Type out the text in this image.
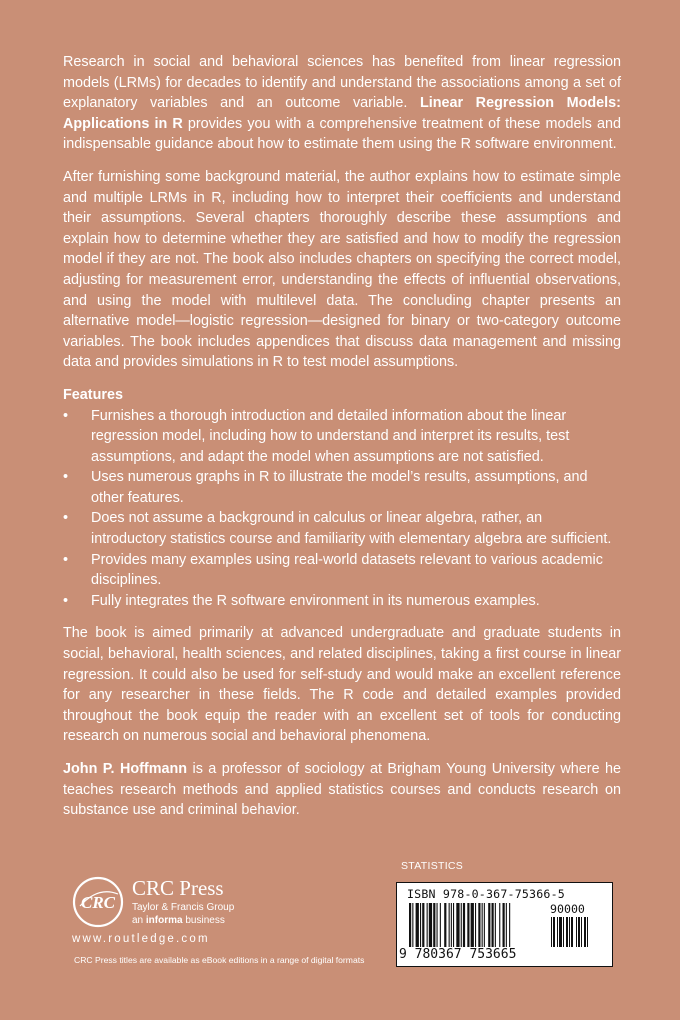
Research in social and behavioral sciences has benefited from linear regression models (LRMs) for decades to identify and understand the associations among a set of explanatory variables and an outcome variable. Linear Regression Models: Applications in R provides you with a comprehensive treatment of these models and indispensable guidance about how to estimate them using the R software environment.

After furnishing some background material, the author explains how to estimate simple and multiple LRMs in R, including how to interpret their coefficients and understand their assumptions. Several chapters thoroughly describe these assumptions and explain how to determine whether they are satisfied and how to modify the regression model if they are not. The book also includes chapters on specifying the correct model, adjusting for measurement error, understanding the effects of influential observations, and using the model with multilevel data. The concluding chapter presents an alternative model—logistic regression—designed for binary or two-category outcome variables. The book includes appendices that discuss data management and missing data and provides simulations in R to test model assumptions.

Features
• Furnishes a thorough introduction and detailed information about the linear regression model, including how to understand and interpret its results, test assumptions, and adapt the model when assumptions are not satisfied.
• Uses numerous graphs in R to illustrate the model’s results, assumptions, and other features.
• Does not assume a background in calculus or linear algebra, rather, an introductory statistics course and familiarity with elementary algebra are sufficient.
• Provides many examples using real-world datasets relevant to various academic disciplines.
• Fully integrates the R software environment in its numerous examples.

The book is aimed primarily at advanced undergraduate and graduate students in social, behavioral, health sciences, and related disciplines, taking a first course in linear regression. It could also be used for self-study and would make an excellent reference for any researcher in these fields. The R code and detailed examples provided throughout the book equip the reader with an excellent set of tools for conducting research on numerous social and behavioral phenomena.

John P. Hoffmann is a professor of sociology at Brigham Young University where he teaches research methods and applied statistics courses and conducts research on substance use and criminal behavior.

CRC
CRC Press
Taylor & Francis Group
an informa business
www.routledge.com
CRC Press titles are available as eBook editions in a range of digital formats
STATISTICS
ISBN 978-0-367-75366-5
90000
9 780367 753665
